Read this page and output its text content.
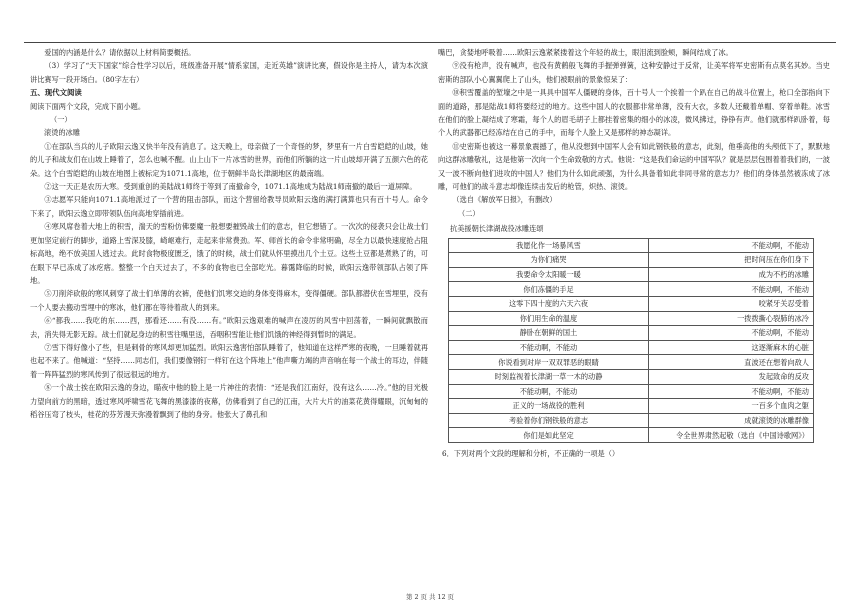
爱国的内涵是什么？请依据以上材料简要概括。
（3）学习了“天下国家”综合性学习以后，班级准备开展“情系家国，走近英雄”演讲比赛，假设你是主持人，请为本次演讲比赛写一段开场白。（80字左右）
五、现代文阅读
阅读下面两个文段，完成下面小题。
（一）
滚烫的冰雕
①在部队当兵的儿子欧阳云逸又快半年没有消息了。这天晚上，母亲做了一个奇怪的梦，梦里有一片白雪皑皑的山坡，她的儿子和战友们在山坡上睡着了，怎么也喊不醒。山上山下一片冰雪的世界，而他们所躺的这一片山坡却开满了五颜六色的花朵。这个白雪皑皑的山坡在地图上被标定为1071.1高地，位于朝鲜半岛长津湖地区的最南端。
②这一天正是农历大寒。受到重创的美陆战1师终于等到了南撤命令，1071.1高地成为陆战1师南撤的最后一道屏障。
③志愿军只能向1071.1高地派过了一个营的阻击部队，而这个营留给教导员欧阳云逸的满打满算也只有百十号人。命令下来了，欧阳云逸立即带领队伍向高地穿插前进。
④寒风席卷着大地上的积雪，湍天的雪粉仿佛要魔一般想要摧毁战士们的意志，但它想错了。一次次的侵袭只会让战士们更加坚定前行的脚步，道路上雪深及膝，崎岖难行，走起来非常费劲。军、师首长的命令非常明确，尽全力以最快速度抢占阻标高地，绝不放美国人逃过去。此时食物极度匮乏，饿了的时候，战士们就从怀里摸出几个土豆。这些土豆都是煮熟了的，可在眼下早已冻成了冰疙瘩。整整一个白天过去了，不多的食物也已全部吃光。暮霭降临的时候，欧阳云逸带领部队占领了阵地。
⑤刀削斧砍般的寒风刺穿了战士们单薄的衣裤，使他们饥寒交迫的身体变得麻木，变得僵硬。部队都潜伏在雪埋里，没有一个人要去搬动雪埋中的寒冰，他们都在等待着敌人的到来。
⑥“都我……我吃的东……西，那看还……有没……有。”欧阳云逸艰难的喊声在凌厉的风雪中回荡着，一瞬间就飘散而去，消失得无影无踪。战士们就起身边的积雪往嘴里送，吞咽积雪能让他们饥饿的神经得到暂时的满足。
⑦雪下得好像小了些，但是刺骨的寒风却更加猛烈。欧阳云逸害怕部队睡着了，他知道在这样严寒的夜晚，一旦睡着就再也起不来了。他喊道：“坚持……同志们，我们要像钢钉一样钉在这个阵地上”他声嘶力竭的声音响在每一个战士的耳边，伴随着一阵阵猛烈的寒风传到了很远很远的地方。
⑧一个战士挨在欧阳云逸的身边，瞄夜中他的脸上是一片神往的表情：“还是我们江南好，没有这么……冷。”他的目光极力望向前方的黑暗，透过寒风呼啸雪花飞舞的黑漆漆的夜幕，仿佛看到了自己的江南，大片大片的油菜花黄得耀眼，沉甸甸的稻谷压弯了枝头，桂花的芬芳漫天弥漫着飘到了他的身旁。他张大了鼻孔和
嘴巴，贪婪地呼吸着……欧阳云逸紧紧搂着这个年轻的战士，眼泪流到脸颊，瞬间结成了冰。
⑨没有枪声，没有喊声，也没有黄鹤般飞舞的手握弹弹簧，这种安静过于反常，让美军将军史密斯有点莫名其妙。当史密斯的部队小心翼翼爬上了山头，他们被眼前的景象惊呆了：
⑩积雪覆盖的堑壕之中是一具具中国军人僵硬的身体，百十号人一个挨着一个趴在自己的战斗位置上，枪口全部指向下面的道路，那是陆战1师将要经过的地方。这些中国人的衣服都非常单薄，没有大衣，多数人还戴着单帽、穿着单鞋。冰雪在他们的脸上凝结成了寒霜，每个人的眉毛胡子上都挂着密集的细小的冰凌，微风拂过，铮铮有声。他们就那样趴卧着，每个人的武器都已经冻结在自己的手中，而每个人脸上又是那样的神态凝详。
⑪史密斯也被这一幕景象震撼了，他从没想到中国军人会有如此钢铁般的意志，此刻，他垂高他的头颅低下了，默默地向这群冰雕敬礼，这是他第一次向一个生命致敬的方式。他说：“这是我们命运的中国军队？就是层层包围着着我们的，一波又一波不断向他们进攻的中国人？他们为什么如此顽强，为什么具备着如此非同寻常的意志力？他们的身体虽然被冻成了冰雕，可他们的战斗意志却像连续击发后的枪管，炽热、滚烫。
（选自《解放军日报》，有删改）
（二）
抗美援朝长津湖战役冰雕连颂
我愿化作一场暴风雪	不能动啊，不能动
为你们痛哭	把时间压在你们身下
我要命令太阳暖一暖	成为不朽的冰雕
你们冻僵的手足	不能动啊，不能动
这零下四十度的六天六夜	咬紧牙关忍受着
你们用生命的温度	一拨拨撕心裂肺的冰冷
静卧在朝鲜的国土	不能动啊，不能动
不能动啊，不能动	这逐渐麻木的心脏
你说看到对岸一双双罪恶的眼睛	直波还在想着向敌人
时刻监视着长津湖一草一木的动静	发起致命的反攻
不能动啊，不能动	不能动啊，不能动
正义的一场战役的胜利	一百多个血肉之躯
考验着你们钢铁般的意志	成就滚烫的冰雕群像
你们是如此坚定	令全世界肃然起敬（选自《中国诗歌网》）
6．下列对两个文段的理解和分析，不正确的一项是（）
第 2 页 共 12 页
